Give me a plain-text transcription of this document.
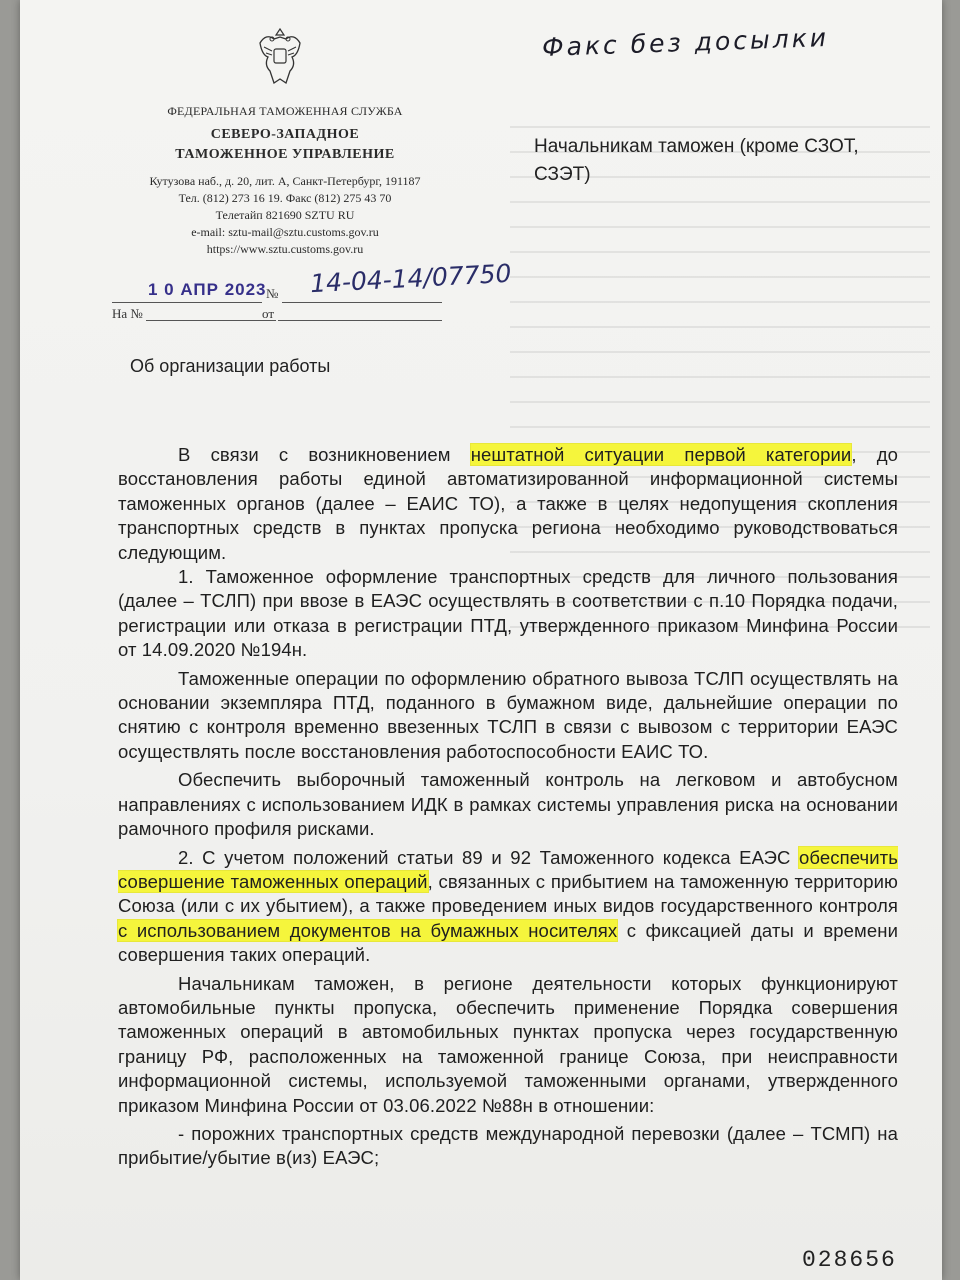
ФЕДЕРАЛЬНАЯ ТАМОЖЕННАЯ СЛУЖБА
СЕВЕРО-ЗАПАДНОЕ
ТАМОЖЕННОЕ УПРАВЛЕНИЕ
Кутузова наб., д. 20, лит. А, Санкт-Петербург, 191187
Тел. (812) 273 16 19. Факс (812) 275 43 70
Телетайп 821690 SZTU RU
e-mail: sztu-mail@sztu.customs.gov.ru
https://www.sztu.customs.gov.ru
Факс без досылки
Начальникам таможен (кроме СЗОТ, СЗЭТ)
1 0 АПР 2023 № 14-04-14/07750
На №	от
Об организации работы

В связи с возникновением нештатной ситуации первой категории, до восстановления работы единой автоматизированной информационной системы таможенных органов (далее – ЕАИС ТО), а также в целях недопущения скопления транспортных средств в пунктах пропуска региона необходимо руководствоваться следующим.

1. Таможенное оформление транспортных средств для личного пользования (далее – ТСЛП) при ввозе в ЕАЭС осуществлять в соответствии с п.10 Порядка подачи, регистрации или отказа в регистрации ПТД, утвержденного приказом Минфина России от 14.09.2020 №194н.

Таможенные операции по оформлению обратного вывоза ТСЛП осуществлять на основании экземпляра ПТД, поданного в бумажном виде, дальнейшие операции по снятию с контроля временно ввезенных ТСЛП в связи с вывозом с территории ЕАЭС осуществлять после восстановления работоспособности ЕАИС ТО.

Обеспечить выборочный таможенный контроль на легковом и автобусном направлениях с использованием ИДК в рамках системы управления риска на основании рамочного профиля рисками.

2. С учетом положений статьи 89 и 92 Таможенного кодекса ЕАЭС обеспечить совершение таможенных операций, связанных с прибытием на таможенную территорию Союза (или с их убытием), а также проведением иных видов государственного контроля с использованием документов на бумажных носителях с фиксацией даты и времени совершения таких операций.

Начальникам таможен, в регионе деятельности которых функционируют автомобильные пункты пропуска, обеспечить применение Порядка совершения таможенных операций в автомобильных пунктах пропуска через государственную границу РФ, расположенных на таможенной границе Союза, при неисправности информационной системы, используемой таможенными органами, утвержденного приказом Минфина России от 03.06.2022 №88н в отношении:

- порожних транспортных средств международной перевозки (далее – ТСМП) на прибытие/убытие в(из) ЕАЭС;

028656
